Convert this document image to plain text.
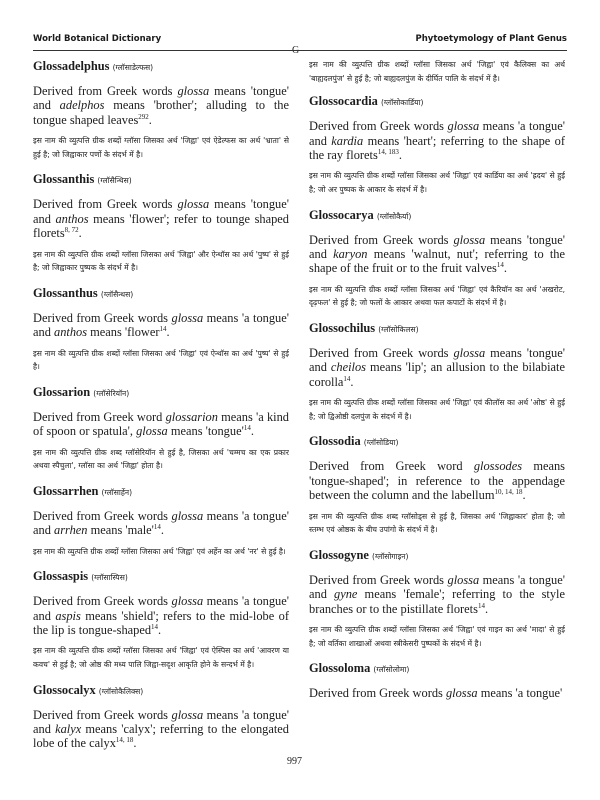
World Botanical Dictionary	Phytoetymology of Plant Genus
Glossadelphus (ग्लॉसाडेल्फस)

Derived from Greek words glossa means 'tongue' and adelphos means 'brother'; alluding to the tongue shaped leaves$^{292}$.

इस नाम की व्युत्पत्ति ग्रीक शब्दों ग्लॉसा जिसका अर्थ 'जिह्वा' एवं ऐडेल्फस का अर्थ 'भ्राता' से हुई है; जो जिह्वाकार पर्णो के संदर्भ में है।

Glossanthis (ग्लॉसैन्थिस)

Derived from Greek words glossa means 'tongue' and anthos means 'flower'; refer to tounge shaped florets$^{8, 72}$.

इस नाम की व्युत्पत्ति ग्रीक शब्दों ग्लॉसा जिसका अर्थ 'जिह्वा' और ऐन्थॉस का अर्थ 'पुष्प' से हुई है; जो जिह्वाकार पुष्पक के संदर्भ में है।

Glossanthus (ग्लॉसैन्थस)

Derived from Greek words glossa means 'a tongue' and anthos means 'flower$^{14}$.

इस नाम की व्युत्पत्ति ग्रीक शब्दों ग्लॉसा जिसका अर्थ 'जिह्वा' एवं ऐन्थॉस का अर्थ 'पुष्प' से हुई है।

Glossarion (ग्लॉसेरियॉन)

Derived from Greek word glossarion means 'a kind of spoon or spatula', glossa means '$tongue'^{14}$.

इस नाम की व्युत्पत्ति ग्रीक शब्द ग्लॉसेरियॉन से हुई है, जिसका अर्थ 'चम्मच का एक प्रकार अथवा स्पैचुला', ग्लॉसा का अर्थ 'जिह्वा' होता है।

Glossarrhen (ग्लॉसार्हेन)

Derived from Greek words glossa means 'a tongue' and arrhen means '$male'^{14}$.

इस नाम की व्युत्पत्ति ग्रीक शब्दों ग्लॉसा जिसका अर्थ 'जिह्वा' एवं अर्हेन का अर्थ 'नर' से हुई है।

Glossaspis (ग्लॉसास्पिस)

Derived from Greek words glossa means 'a tongue' and aspis means 'shield'; refers to the mid-lobe of the lip is tongue-shaped$^{14}$.

इस नाम की व्युत्पत्ति ग्रीक शब्दों ग्लॉसा जिसका अर्थ 'जिह्वा' एवं ऐस्पिस का अर्थ 'आवरण या कवच' से हुई है; जो ओष्ठ की मध्य पालि जिह्वा-सदृश आकृति होने के सन्दर्भ में है।

Glossocalyx (ग्लॉसोकैलिक्स)

Derived from Greek words glossa means 'a tongue' and kalyx means 'calyx'; referring to the elongated lobe of the calyx$^{14, 18}$.

इस नाम की व्युत्पत्ति ग्रीक शब्दों ग्लॉसा जिसका अर्थ 'जिह्वा' एवं कैलिक्स का अर्थ 'बाह्यदलपुंज' से हुई है; जो बाह्यदलपुंज के दीर्घित पालि के संदर्भ में है।

Glossocardia (ग्लॉसोकार्डिया)

Derived from Greek words glossa means 'a tongue' and kardia means 'heart'; referring to the shape of the ray florets$^{14, 183}$.

इस नाम की व्युत्पत्ति ग्रीक शब्दों ग्लॉसा जिसका अर्थ 'जिह्वा' एवं कार्डिया का अर्थ 'ह्रदय' से हुई है; जो अर पुष्पक के आकार के संदर्भ में है।

Glossocarya (ग्लॉसोकैर्या)

Derived from Greek words glossa means 'tongue' and karyon means 'walnut, nut'; referring to the shape of the fruit or to the fruit valves$^{14}$.

इस नाम की व्युत्पत्ति ग्रीक शब्दों ग्लॉसा जिसका अर्थ 'जिह्वा' एवं कैरियॉन का अर्थ 'अखरोट, दृढ़फल' से हुई है; जो फलों के आकार अथवा फल कपाटों के संदर्भ में है।

Glossochilus (ग्लॉसोकिलस)

Derived from Greek words glossa means 'tongue' and cheilos means 'lip'; an allusion to the bilabiate corolla$^{14}$.

इस नाम की व्युत्पत्ति ग्रीक शब्दों ग्लॉसा जिसका अर्थ 'जिह्वा' एवं कीलॉस का अर्थ 'ओष्ठ' से हुई है; जो द्विओष्ठी दलपुंज के संदर्भ में है।

Glossodia (ग्लॉसोडिया)

Derived from Greek word glossodes means 'tongue-shaped'; in reference to the appendage between the column and the labellum$^{10, 14, 18}$.

इस नाम की व्युत्पत्ति ग्रीक शब्द ग्लॉसोड्स से हुई है, जिसका अर्थ 'जिह्वाकार' होता है; जो स्तम्भ एवं ओष्ठक के बीच उपांगो के संदर्भ में है।

Glossogyne (ग्लॉसोगाइन)

Derived from Greek words glossa means 'a tongue' and gyne means 'female'; referring to the style branches or to the pistillate florets$^{14}$.

इस नाम की व्युत्पत्ति ग्रीक शब्दों ग्लॉसा जिसका अर्थ 'जिह्वा' एवं गाइन का अर्थ 'मादा' से हुई है; जो वर्तिका शाखाओं अथवा स्त्रीकेसरी पुष्पकों के संदर्भ में है।

Glossoloma (ग्लॉसोलोमा)

Derived from Greek words glossa means 'a tongue'

997
